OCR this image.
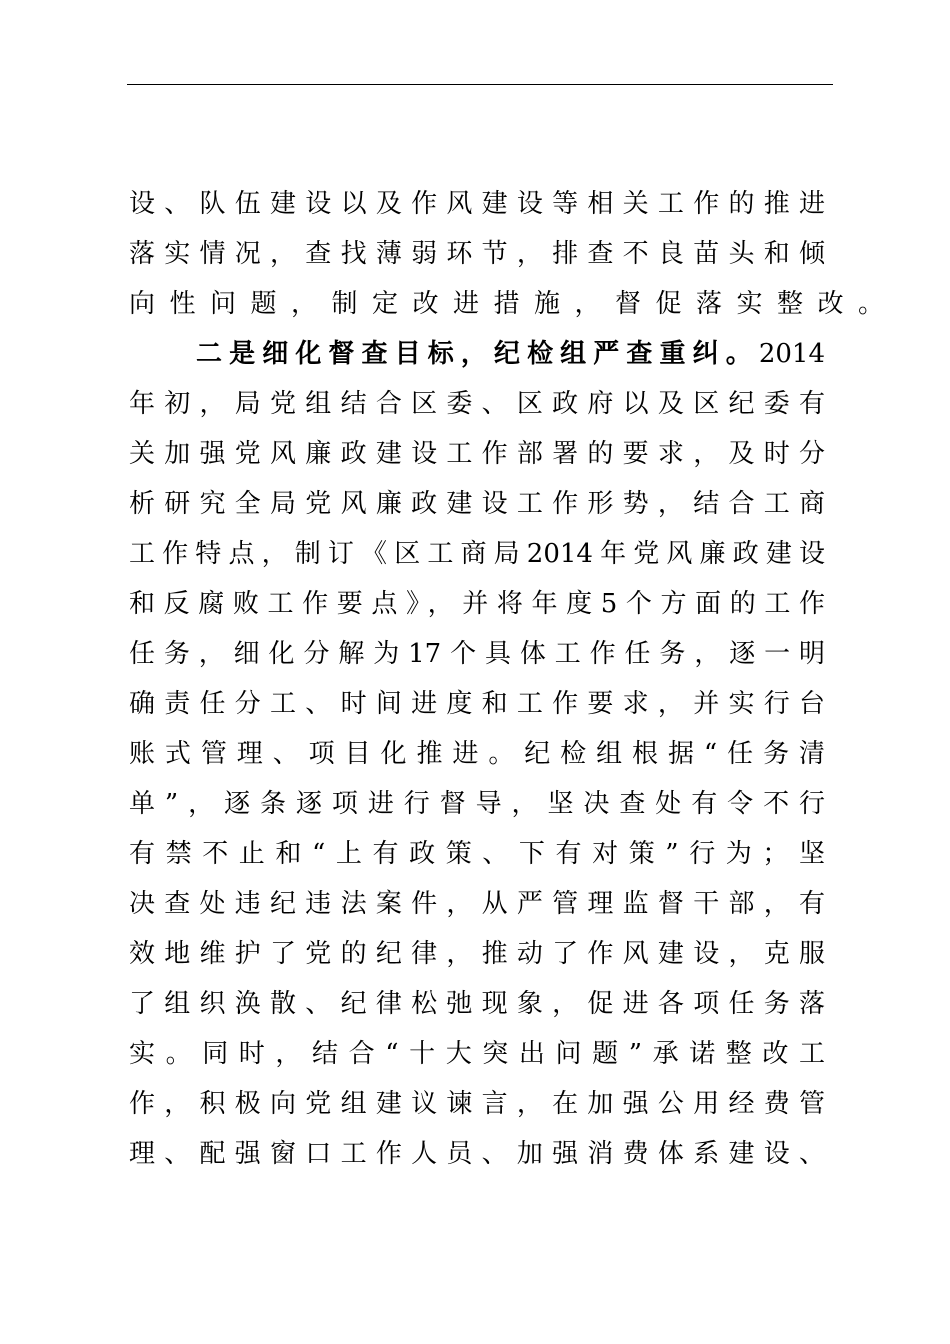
设、队伍建设以及作风建设等相关工作的推进
落实情况，查找薄弱环节，排查不良苗头和倾
向性问题，制定改进措施，督促落实整改。
二是细化督查目标，纪检组严查重纠。2014
年初，局党组结合区委、区政府以及区纪委有
关加强党风廉政建设工作部署的要求，及时分
析研究全局党风廉政建设工作形势，结合工商
工作特点，制订《区工商局2014年党风廉政建设
和反腐败工作要点》，并将年度5个方面的工作
任务，细化分解为17个具体工作任务，逐一明
确责任分工、时间进度和工作要求，并实行台
账式管理、项目化推进。纪检组根据“任务清
单”，逐条逐项进行督导，坚决查处有令不行
有禁不止和“上有政策、下有对策”行为；坚
决查处违纪违法案件，从严管理监督干部，有
效地维护了党的纪律，推动了作风建设，克服
了组织涣散、纪律松弛现象，促进各项任务落
实。同时，结合“十大突出问题”承诺整改工
作，积极向党组建议谏言，在加强公用经费管
理、配强窗口工作人员、加强消费体系建设、
